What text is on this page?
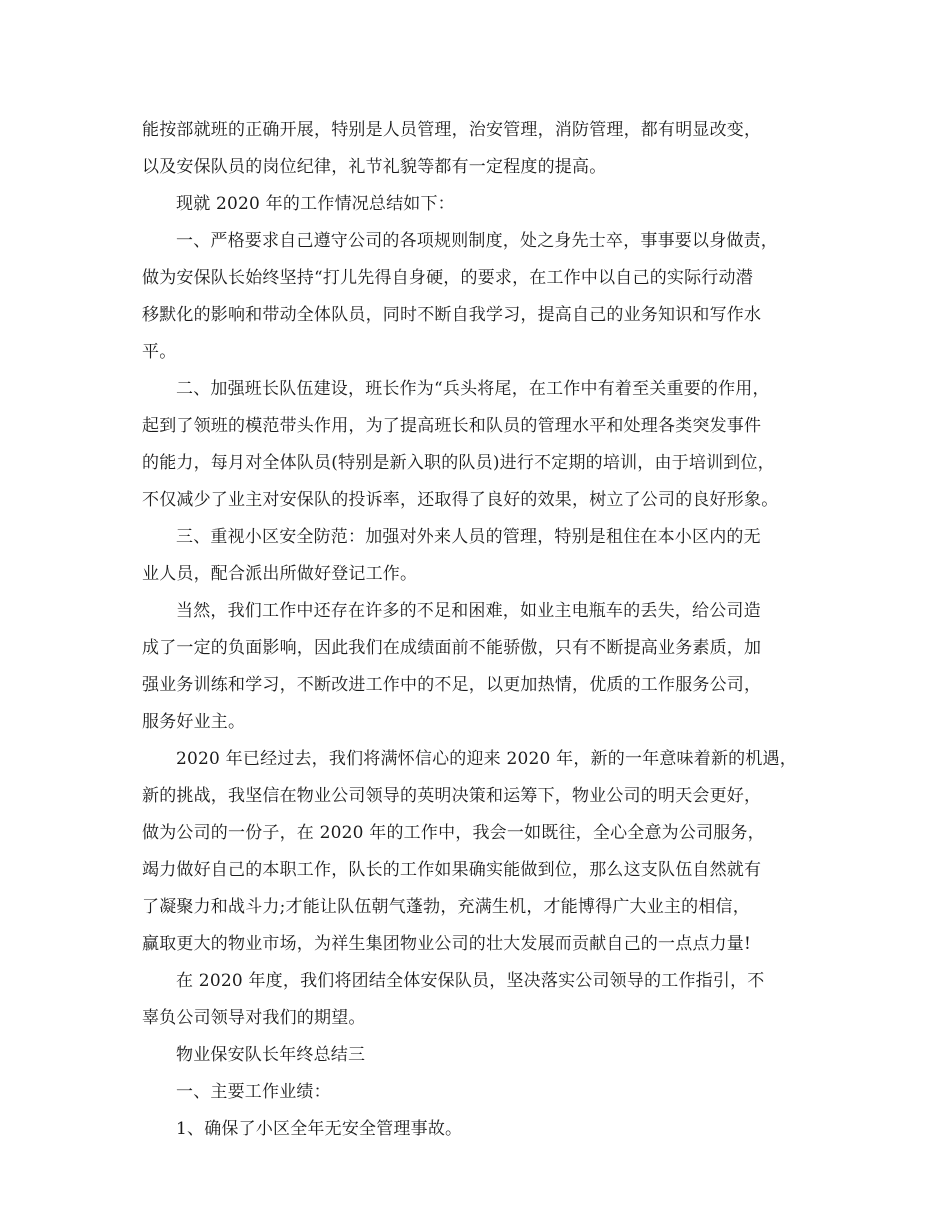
能按部就班的正确开展，特别是人员管理，治安管理，消防管理，都有明显改变，
以及安保队员的岗位纪律，礼节礼貌等都有一定程度的提高。
现就 2020 年的工作情况总结如下：
一、严格要求自己遵守公司的各项规则制度，处之身先士卒，事事要以身做责，
做为安保队长始终坚持“打儿先得自身硬，的要求，在工作中以自己的实际行动潜
移默化的影响和带动全体队员，同时不断自我学习，提高自己的业务知识和写作水
平。
二、加强班长队伍建设，班长作为“兵头将尾，在工作中有着至关重要的作用，
起到了领班的模范带头作用，为了提高班长和队员的管理水平和处理各类突发事件
的能力，每月对全体队员(特别是新入职的队员)进行不定期的培训，由于培训到位，
不仅减少了业主对安保队的投诉率，还取得了良好的效果，树立了公司的良好形象。
三、重视小区安全防范：加强对外来人员的管理，特别是租住在本小区内的无
业人员，配合派出所做好登记工作。
当然，我们工作中还存在许多的不足和困难，如业主电瓶车的丢失，给公司造
成了一定的负面影响，因此我们在成绩面前不能骄傲，只有不断提高业务素质，加
强业务训练和学习，不断改进工作中的不足，以更加热情，优质的工作服务公司，
服务好业主。
2020 年已经过去，我们将满怀信心的迎来 2020 年，新的一年意味着新的机遇，
新的挑战，我坚信在物业公司领导的英明决策和运筹下，物业公司的明天会更好，
做为公司的一份子，在 2020 年的工作中，我会一如既往，全心全意为公司服务，
竭力做好自己的本职工作，队长的工作如果确实能做到位，那么这支队伍自然就有
了凝聚力和战斗力;才能让队伍朝气蓬勃，充满生机，才能博得广大业主的相信，
赢取更大的物业市场，为祥生集团物业公司的壮大发展而贡献自己的一点点力量!
在 2020 年度，我们将团结全体安保队员，坚决落实公司领导的工作指引，不
辜负公司领导对我们的期望。
物业保安队长年终总结三
一、主要工作业绩：
1、确保了小区全年无安全管理事故。
